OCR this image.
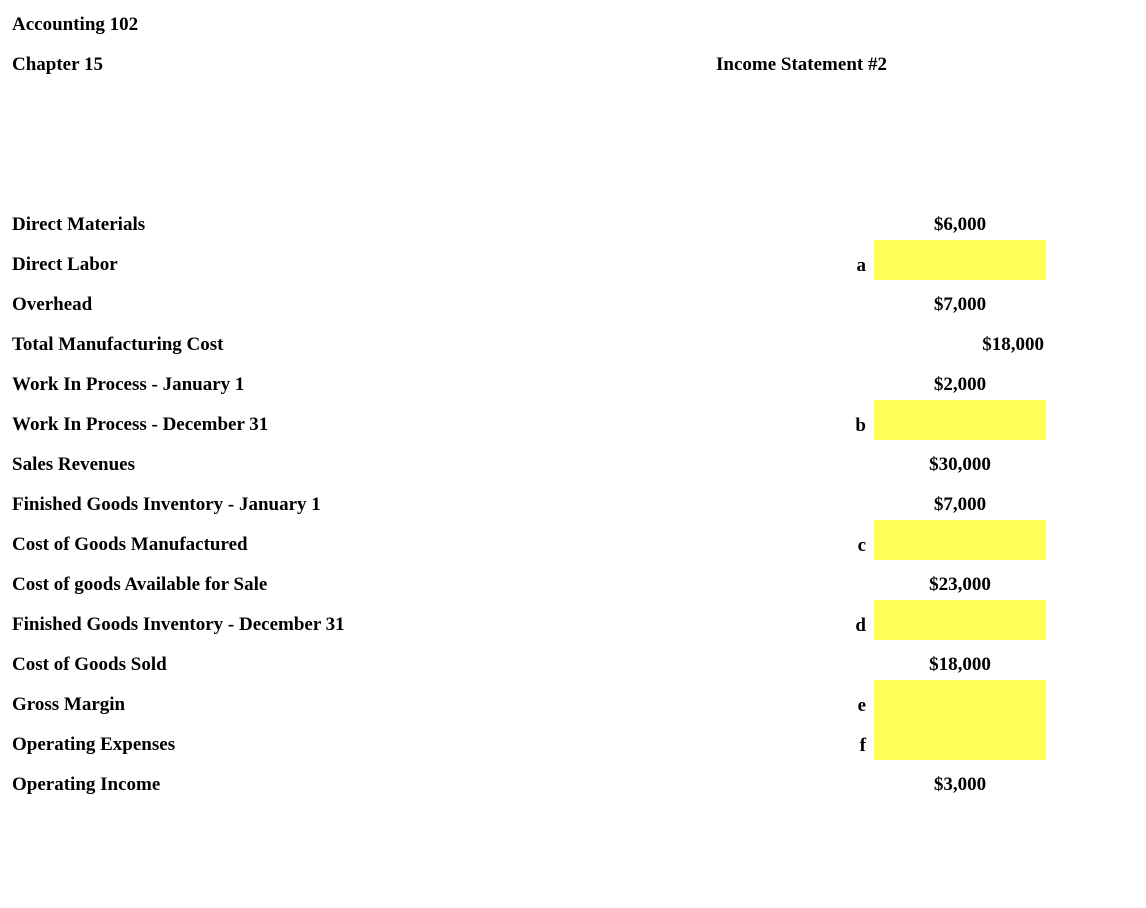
Accounting 102
Chapter 15	Income Statement #2
Direct Materials	$6,000
Direct Labor	a
Overhead	$7,000
Total Manufacturing Cost	$18,000
Work In Process - January 1	$2,000
Work In Process - December 31	b
Sales Revenues	$30,000
Finished Goods Inventory - January 1	$7,000
Cost of Goods Manufactured	c
Cost of goods Available for Sale	$23,000
Finished Goods Inventory - December 31	d
Cost of Goods Sold	$18,000
Gross Margin	e
Operating Expenses	f
Operating Income	$3,000
